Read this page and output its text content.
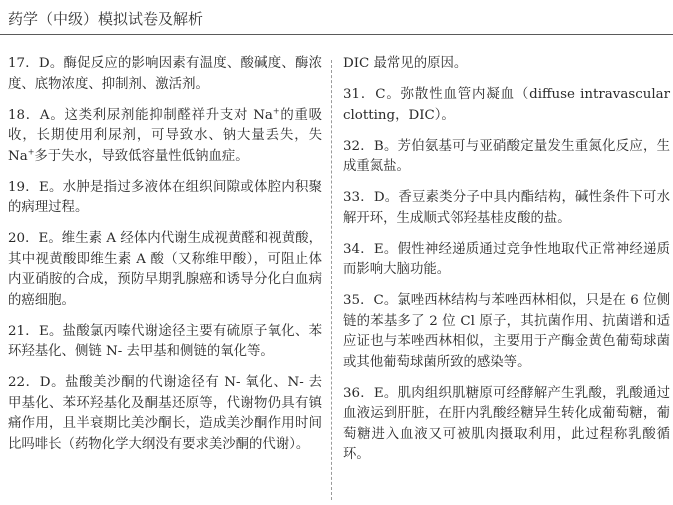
药学（中级）模拟试卷及解析

17．D。酶促反应的影响因素有温度、酸碱度、酶浓度、底物浓度、抑制剂、激活剂。

18．A。这类利尿剂能抑制醛祥升支对 Na+的重吸收，长期使用利尿剂，可导致水、钠大量丢失，失 Na+多于失水，导致低容量性低钠血症。

19．E。水肿是指过多液体在组织间隙或体腔内积聚的病理过程。

20．E。维生素 A 经体内代谢生成视黄醛和视黄酸，其中视黄酸即维生素 A 酸（又称维甲酸），可阻止体内亚硝胺的合成，预防早期乳腺癌和诱导分化白血病的癌细胞。

21．E。盐酸氯丙嗪代谢途径主要有硫原子氧化、苯环羟基化、侧链 N- 去甲基和侧链的氧化等。

22．D。盐酸美沙酮的代谢途径有 N- 氧化、N- 去甲基化、苯环羟基化及酮基还原等，代谢物仍具有镇痛作用，且半衰期比美沙酮长，造成美沙酮作用时间比吗啡长（药物化学大纲没有要求美沙酮的代谢）。

DIC 最常见的原因。

31．C。弥散性血管内凝血（diffuse intravascular clotting，DIC）。

32．B。芳伯氨基可与亚硝酸定量发生重氮化反应，生成重氮盐。

33．D。香豆素类分子中具内酯结构，碱性条件下可水解开环，生成顺式邻羟基桂皮酸的盐。

34．E。假性神经递质通过竞争性地取代正常神经递质而影响大脑功能。

35．C。氯唑西林结构与苯唑西林相似，只是在 6 位侧链的苯基多了 2 位 Cl 原子，其抗菌作用、抗菌谱和适应证也与苯唑西林相似，主要用于产酶金黄色葡萄球菌或其他葡萄球菌所致的感染等。

36．E。肌肉组织肌糖原可经酵解产生乳酸，乳酸通过血液运到肝脏，在肝内乳酸经糖异生转化成葡萄糖，葡萄糖进入血液又可被肌肉摄取利用，此过程称乳酸循环。
